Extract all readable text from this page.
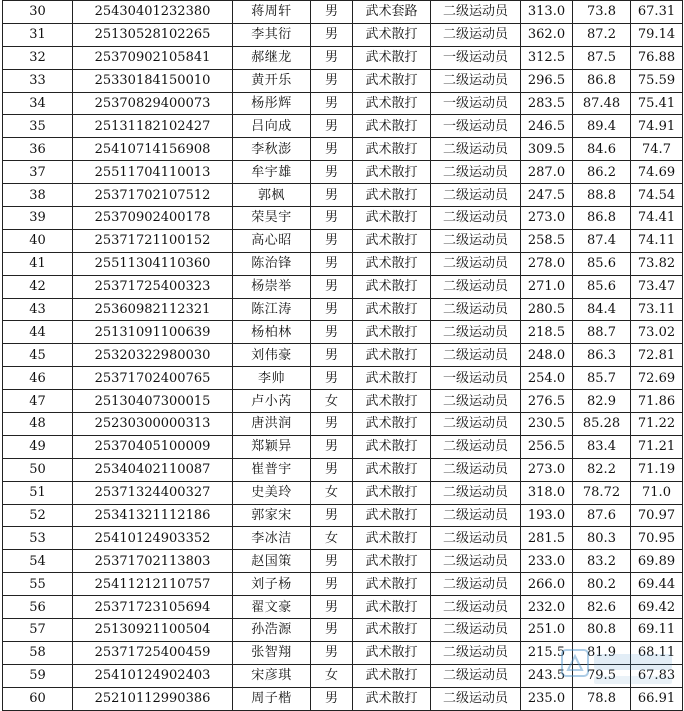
30	25430401232380	蒋周轩	男	武术套路	二级运动员	313.0	73.8	67.31
31	25130528102265	李其衍	男	武术散打	二级运动员	362.0	87.2	79.14
32	25370902105841	郝继龙	男	武术散打	一级运动员	312.5	87.5	76.88
33	25330184150010	黄开乐	男	武术散打	二级运动员	296.5	86.8	75.59
34	25370829400073	杨彤辉	男	武术散打	一级运动员	283.5	87.48	75.41
35	25131182102427	吕向成	男	武术散打	一级运动员	246.5	89.4	74.91
36	25410714156908	李秋澎	男	武术散打	二级运动员	309.5	84.6	74.7
37	25511704110013	牟宇雄	男	武术散打	二级运动员	287.0	86.2	74.69
38	25371702107512	郭枫	男	武术散打	二级运动员	247.5	88.8	74.54
39	25370902400178	荣昊宇	男	武术散打	二级运动员	273.0	86.8	74.41
40	25371721100152	高心昭	男	武术散打	二级运动员	258.5	87.4	74.11
41	25511304110360	陈治锋	男	武术散打	二级运动员	278.0	85.6	73.82
42	25371725400323	杨崇举	男	武术散打	二级运动员	271.0	85.6	73.47
43	25360982112321	陈江涛	男	武术散打	二级运动员	280.5	84.4	73.11
44	25131091100639	杨柏林	男	武术散打	二级运动员	218.5	88.7	73.02
45	25320322980030	刘伟豪	男	武术散打	二级运动员	248.0	86.3	72.81
46	25371702400765	李帅	男	武术散打	一级运动员	254.0	85.7	72.69
47	25130407300015	卢小芮	女	武术散打	二级运动员	276.5	82.9	71.86
48	25230300000313	唐洪润	男	武术散打	二级运动员	230.5	85.28	71.22
49	25370405100009	郑颖异	男	武术散打	二级运动员	256.5	83.4	71.21
50	25340402110087	崔普宇	男	武术散打	二级运动员	273.0	82.2	71.19
51	25371324400327	史美玲	女	武术散打	二级运动员	318.0	78.72	71.0
52	25341321112186	郭家宋	男	武术散打	二级运动员	193.0	87.6	70.97
53	25410124903352	李冰洁	女	武术散打	二级运动员	281.5	80.3	70.95
54	25371702113803	赵国策	男	武术散打	二级运动员	233.0	83.2	69.89
55	25411212110757	刘子杨	男	武术散打	二级运动员	266.0	80.2	69.44
56	25371723105694	翟文豪	男	武术散打	二级运动员	232.0	82.6	69.42
57	25130921100504	孙浩源	男	武术散打	二级运动员	251.0	80.8	69.11
58	25371725400459	张智翔	男	武术散打	二级运动员	215.5	81.9	68.11
59	25410124902403	宋彦琪	女	武术散打	二级运动员	243.5	79.5	67.83
60	25210112990386	周子楷	男	武术散打	二级运动员	235.0	78.8	66.91
